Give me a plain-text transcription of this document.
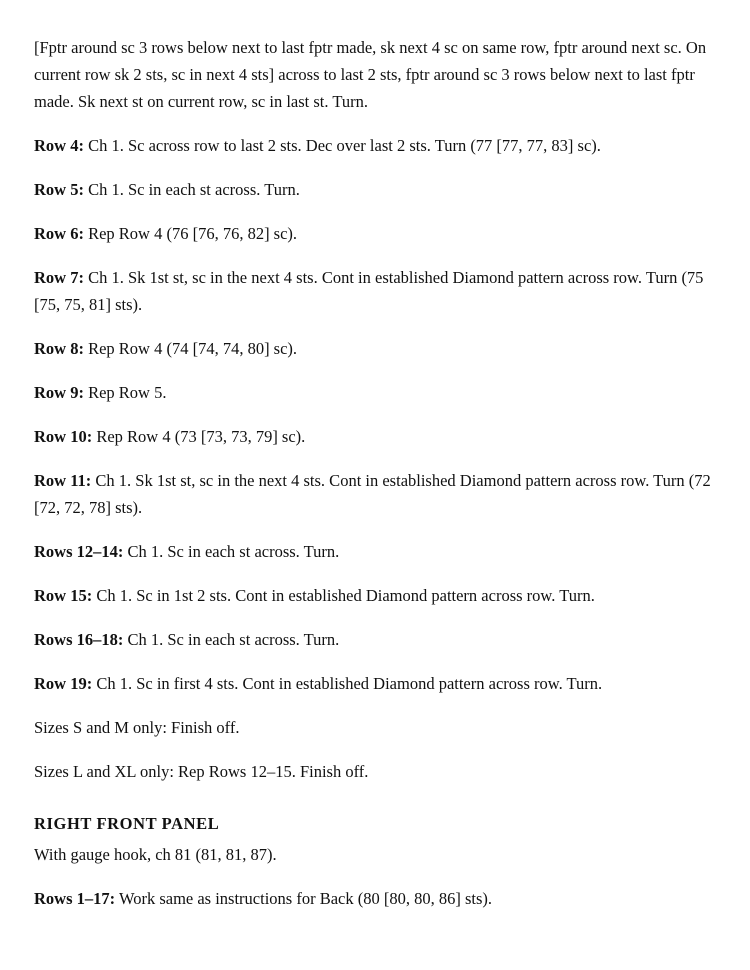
[Fptr around sc 3 rows below next to last fptr made, sk next 4 sc on same row, fptr around next sc. On current row sk 2 sts, sc in next 4 sts] across to last 2 sts, fptr around sc 3 rows below next to last fptr made. Sk next st on current row, sc in last st. Turn.

Row 4: Ch 1. Sc across row to last 2 sts. Dec over last 2 sts. Turn (77 [77, 77, 83] sc).

Row 5: Ch 1. Sc in each st across. Turn.

Row 6: Rep Row 4 (76 [76, 76, 82] sc).

Row 7: Ch 1. Sk 1st st, sc in the next 4 sts. Cont in established Diamond pattern across row. Turn (75 [75, 75, 81] sts).

Row 8: Rep Row 4 (74 [74, 74, 80] sc).

Row 9: Rep Row 5.

Row 10: Rep Row 4 (73 [73, 73, 79] sc).

Row 11: Ch 1. Sk 1st st, sc in the next 4 sts. Cont in established Diamond pattern across row. Turn (72 [72, 72, 78] sts).

Rows 12–14: Ch 1. Sc in each st across. Turn.

Row 15: Ch 1. Sc in 1st 2 sts. Cont in established Diamond pattern across row. Turn.

Rows 16–18: Ch 1. Sc in each st across. Turn.

Row 19: Ch 1. Sc in first 4 sts. Cont in established Diamond pattern across row. Turn.

Sizes S and M only: Finish off.

Sizes L and XL only: Rep Rows 12–15. Finish off.

RIGHT FRONT PANEL

With gauge hook, ch 81 (81, 81, 87).

Rows 1–17: Work same as instructions for Back (80 [80, 80, 86] sts).
